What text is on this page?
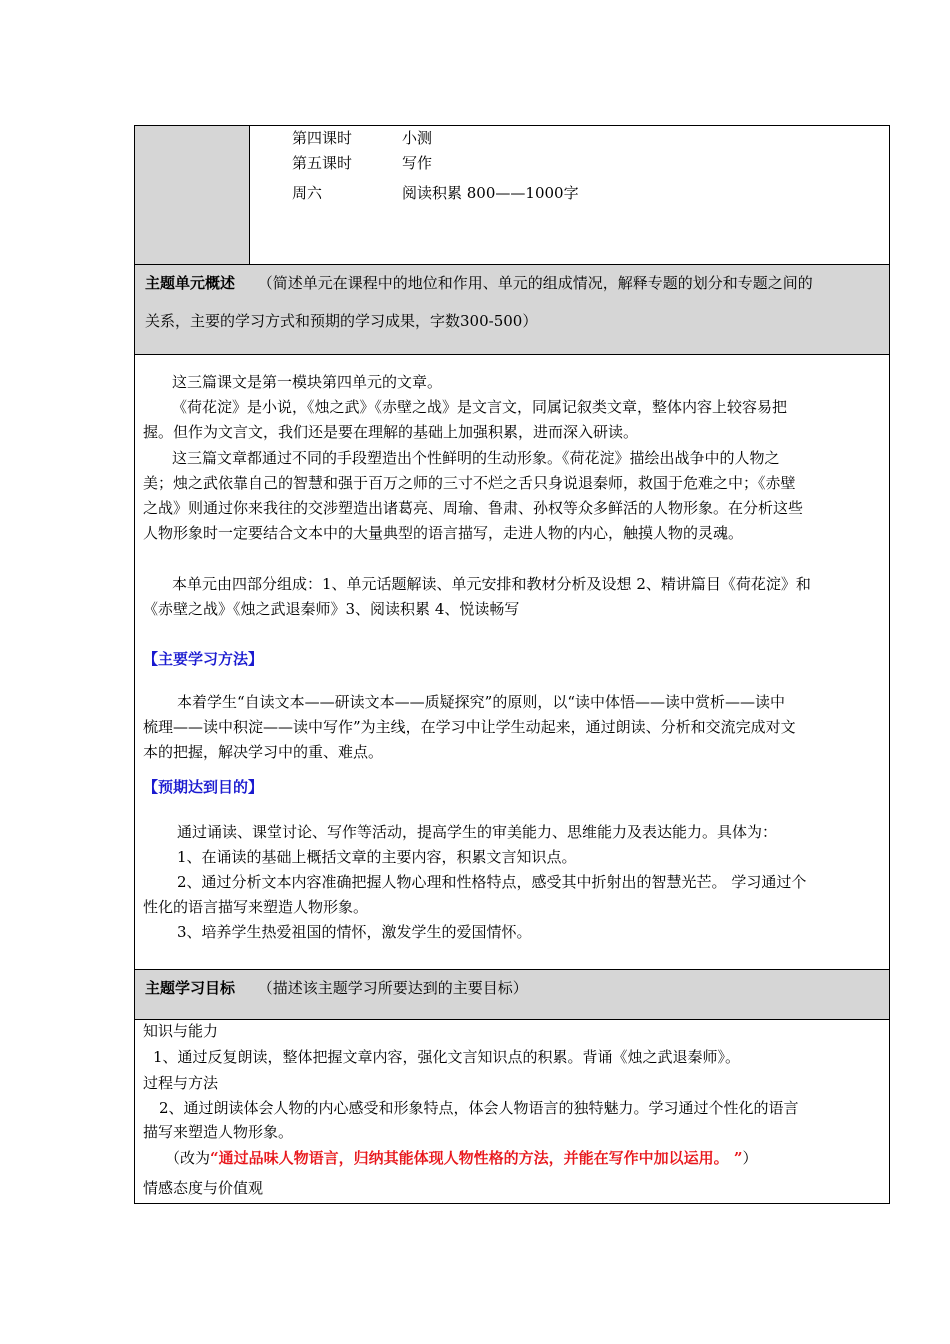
第四课时	小测
第五课时	写作
周六	阅读积累 800——1000字
主题单元概述 （简述单元在课程中的地位和作用、单元的组成情况，解释专题的划分和专题之间的
关系，主要的学习方式和预期的学习成果，字数300-500）
这三篇课文是第一模块第四单元的文章。
《荷花淀》是小说，《烛之武》《赤壁之战》是文言文，同属记叙类文章，整体内容上较容易把
握。但作为文言文，我们还是要在理解的基础上加强积累，进而深入研读。
这三篇文章都通过不同的手段塑造出个性鲜明的生动形象。《荷花淀》描绘出战争中的人物之
美；烛之武依靠自己的智慧和强于百万之师的三寸不烂之舌只身说退秦师，救国于危难之中；《赤壁
之战》则通过你来我往的交涉塑造出诸葛亮、周瑜、鲁肃、孙权等众多鲜活的人物形象。在分析这些
人物形象时一定要结合文本中的大量典型的语言描写，走进人物的内心，触摸人物的灵魂。
本单元由四部分组成：1、单元话题解读、单元安排和教材分析及设想 2、精讲篇目《荷花淀》和
《赤壁之战》《烛之武退秦师》3、阅读积累 4、悦读畅写
【主要学习方法】
本着学生“自读文本——研读文本——质疑探究”的原则，以“读中体悟——读中赏析——读中
梳理——读中积淀——读中写作”为主线，在学习中让学生动起来，通过朗读、分析和交流完成对文
本的把握，解决学习中的重、难点。
【预期达到目的】
通过诵读、课堂讨论、写作等活动，提高学生的审美能力、思维能力及表达能力。具体为：
1、在诵读的基础上概括文章的主要内容，积累文言知识点。
2、通过分析文本内容准确把握人物心理和性格特点，感受其中折射出的智慧光芒。 学习通过个
性化的语言描写来塑造人物形象。
3、培养学生热爱祖国的情怀，激发学生的爱国情怀。
主题学习目标 （描述该主题学习所要达到的主要目标）
知识与能力
1、通过反复朗读，整体把握文章内容，强化文言知识点的积累。背诵《烛之武退秦师》。
过程与方法
2、通过朗读体会人物的内心感受和形象特点，体会人物语言的独特魅力。学习通过个性化的语言
描写来塑造人物形象。
（改为“通过品味人物语言，归纳其能体现人物性格的方法，并能在写作中加以运用。 ”）
情感态度与价值观
